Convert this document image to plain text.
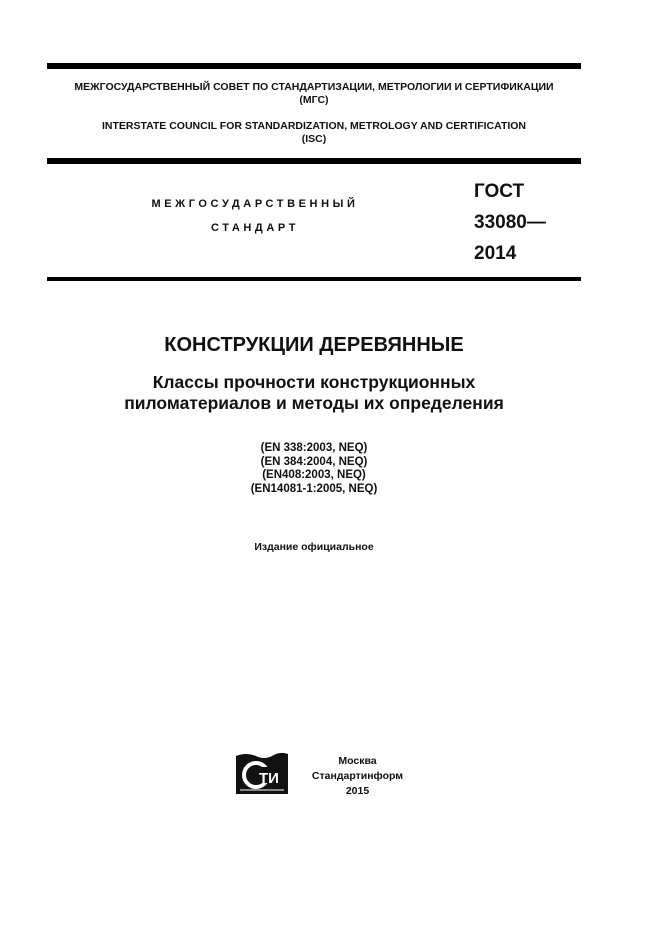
МЕЖГОСУДАРСТВЕННЫЙ СОВЕТ ПО СТАНДАРТИЗАЦИИ, МЕТРОЛОГИИ И СЕРТИФИКАЦИИ
(МГС)
INTERSTATE COUNCIL FOR STANDARDIZATION, METROLOGY AND CERTIFICATION
(ISC)
МЕЖГОСУДАРСТВЕННЫЙ
СТАНДАРТ
ГОСТ
33080—
2014
КОНСТРУКЦИИ ДЕРЕВЯННЫЕ
Классы прочности конструкционных
пиломатериалов и методы их определения
(EN 338:2003, NEQ)
(EN 384:2004, NEQ)
(EN408:2003, NEQ)
(EN14081-1:2005, NEQ)
Издание официальное
ТИ
Москва
Стандартинформ
2015
